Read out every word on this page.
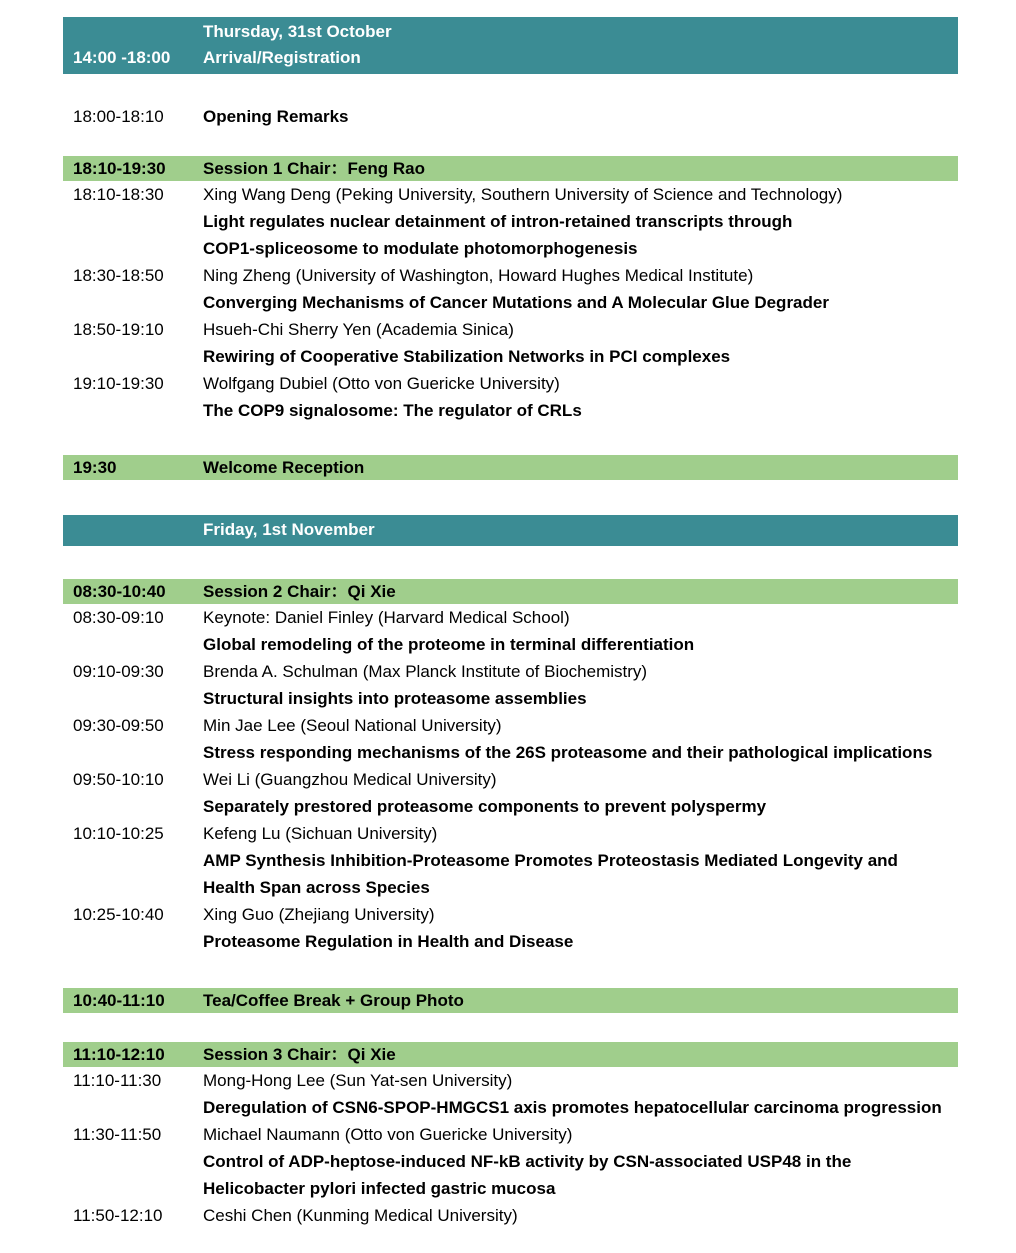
Thursday, 31st October
14:00 -18:00	Arrival/Registration
18:00-18:10	Opening Remarks
18:10-19:30	Session 1 Chair：Feng Rao
18:10-18:30	Xing Wang Deng (Peking University, Southern University of Science and Technology)
Light regulates nuclear detainment of intron-retained transcripts through
COP1-spliceosome to modulate photomorphogenesis
18:30-18:50	Ning Zheng (University of Washington, Howard Hughes Medical Institute)
Converging Mechanisms of Cancer Mutations and A Molecular Glue Degrader
18:50-19:10	Hsueh-Chi Sherry Yen (Academia Sinica)
Rewiring of Cooperative Stabilization Networks in PCI complexes
19:10-19:30	Wolfgang Dubiel (Otto von Guericke University)
The COP9 signalosome: The regulator of CRLs
19:30	Welcome Reception
Friday, 1st November
08:30-10:40	Session 2 Chair：Qi Xie
08:30-09:10	Keynote: Daniel Finley (Harvard Medical School)
Global remodeling of the proteome in terminal differentiation
09:10-09:30	Brenda A. Schulman (Max Planck Institute of Biochemistry)
Structural insights into proteasome assemblies
09:30-09:50	Min Jae Lee (Seoul National University)
Stress responding mechanisms of the 26S proteasome and their pathological implications
09:50-10:10	Wei Li (Guangzhou Medical University)
Separately prestored proteasome components to prevent polyspermy
10:10-10:25	Kefeng Lu (Sichuan University)
AMP Synthesis Inhibition-Proteasome Promotes Proteostasis Mediated Longevity and
Health Span across Species
10:25-10:40	Xing Guo (Zhejiang University)
Proteasome Regulation in Health and Disease
10:40-11:10	Tea/Coffee Break + Group Photo
11:10-12:10	Session 3 Chair：Qi Xie
11:10-11:30	Mong-Hong Lee (Sun Yat-sen University)
Deregulation of CSN6-SPOP-HMGCS1 axis promotes hepatocellular carcinoma progression
11:30-11:50	Michael Naumann (Otto von Guericke University)
Control of ADP-heptose-induced NF-kB activity by CSN-associated USP48 in the
Helicobacter pylori infected gastric mucosa
11:50-12:10	Ceshi Chen (Kunming Medical University)
